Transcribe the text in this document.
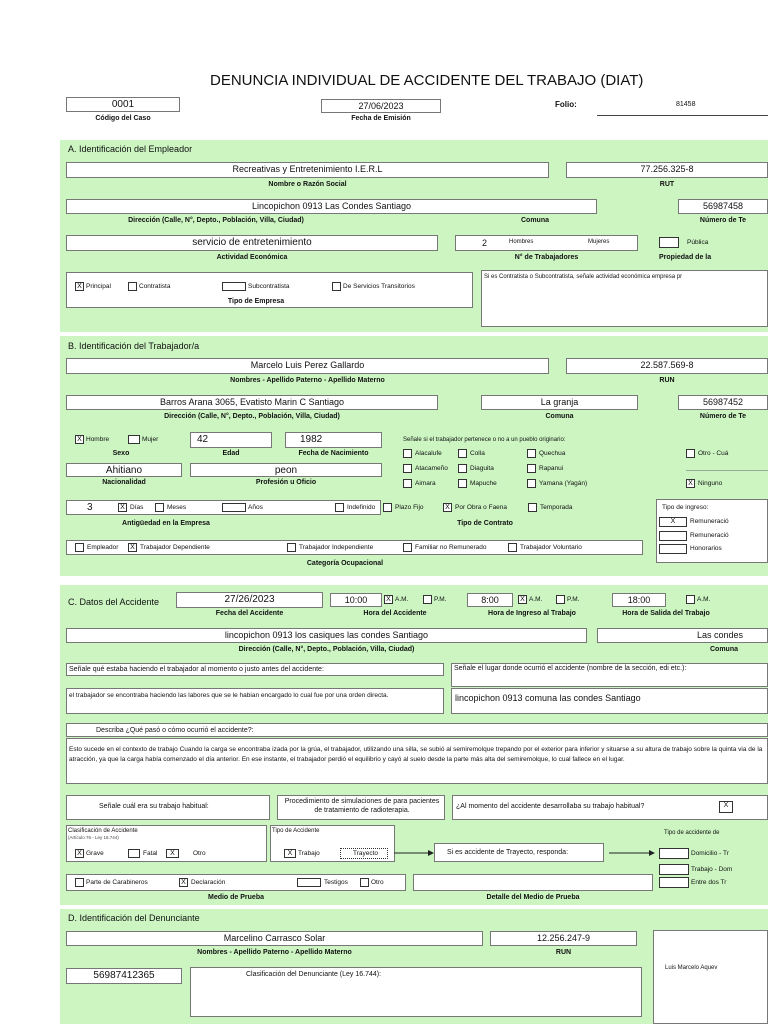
DENUNCIA INDIVIDUAL DE ACCIDENTE DEL TRABAJO (DIAT)
0001
Código del Caso
27/06/2023
Fecha de Emisión
Folio:	81458
A. Identificación del Empleador
Recreativas y Entretenimiento I.E.R.L
Nombre o Razón Social
77.256.325-8
RUT
Lincopichon 0913 Las Condes Santiago
Dirección (Calle, N°, Depto., Población, Villa, Ciudad)	Comuna
56987458
Número de Te
servicio de entretenimiento
Actividad Económica
2	Hombres	Mujeres
N° de Trabajadores
Pública
Propiedad de la
X Principal	Contratista	Subcontratista	De Servicios Transitorios
Tipo de Empresa
Si es Contratista o Subcontratista, señale actividad económica empresa pr
B. Identificación del Trabajador/a
Marcelo Luis Perez Gallardo
Nombres - Apellido Paterno - Apellido Materno
22.587.569-8
RUN
Barros Arana 3065, Evatisto Marin C Santiago
Dirección (Calle, N°, Depto., Población, Villa, Ciudad)
La granja
Comuna
56987452
Número de Te
X Hombre	Mujer
Sexo
42
Edad
1982
Fecha de Nacimiento
Señale si el trabajador pertenece o no a un pueblo originario:
Alacalufe	Colla	Quechua
Atacameño	Diaguita	Rapanui
Aimara	Mapuche	Yamana (Yagán)
Otro - Cuá
X Ninguno
Ahitiano
Nacionalidad
peon
Profesión u Oficio
3	X Días	Meses	Años
Antigüedad en la Empresa
Indefinido	Plazo Fijo	X Por Obra o Faena	Temporada
Tipo de Contrato
Tipo de ingreso:
X	Remuneració
Remuneració
Honorarios
Empleador	X Trabajador Dependiente	Trabajador Independiente	Familiar no Remunerado	Trabajador Voluntario
Categoría Ocupacional
C. Datos del Accidente	27/26/2023
Fecha del Accidente
10:00	X A.M.	P.M.
Hora del Accidente
8:00	X A.M.	P.M.
Hora de Ingreso al Trabajo
18:00	A.M.
Hora de Salida del Trabajo
lincopichon 0913 los casiques las condes Santiago
Dirección (Calle, N°, Depto., Población, Villa, Ciudad)
Las condes
Comuna
Señale qué estaba haciendo el trabajador al momento o justo antes del accidente:
el trabajador se encontraba haciendo las labores que se le habian encargado lo cual fue por una orden directa.
Señale el lugar donde ocurrió el accidente (nombre de la sección, edi etc.):
lincopichon 0913 comuna las condes Santiago
Describa ¿Qué pasó o cómo ocurrió el accidente?:
Esto sucede en el contexto de trabajo Cuando la carga se encontraba izada por la grúa, el trabajador, utilizando una silla, se subió al semiremolque trepando por el exterior para inferior y situarse a su altura de trabajo sobre la quinta via de la atracción, ya que la carga había comenzado el día anterior. En ese instante, el trabajador perdió el equilibrio y cayó al suelo desde la parte más alta del semiremolque, lo cual fallece en el lugar.
Señale cuál era su trabajo habitual:
Procedimiento de simulaciones de para pacientes de tratamiento de radioterapia.	¿Al momento del accidente desarrollaba su trabajo habitual?	X
Clasificación de Accidente
(Artículo 76 - Ley 16.744)
X Grave	Fatal	X	Otro
Tipo de Accidente
X Trabajo	Trayecto	Si es accidente de Trayecto, responda:
Tipo de accidente de
Domicilio - Tr
Trabajo - Dom
Entre dos Tr
Parte de Carabineros	X Declaración	Testigos	Otro
Medio de Prueba	Detalle del Medio de Prueba
D. Identificación del Denunciante
Marcelino Carrasco Solar
Nombres - Apellido Paterno - Apellido Materno
12.256.247-9
RUN
56987412365	Clasificación del Denunciante (Ley 16.744):
Luis Marcelo Aquev
